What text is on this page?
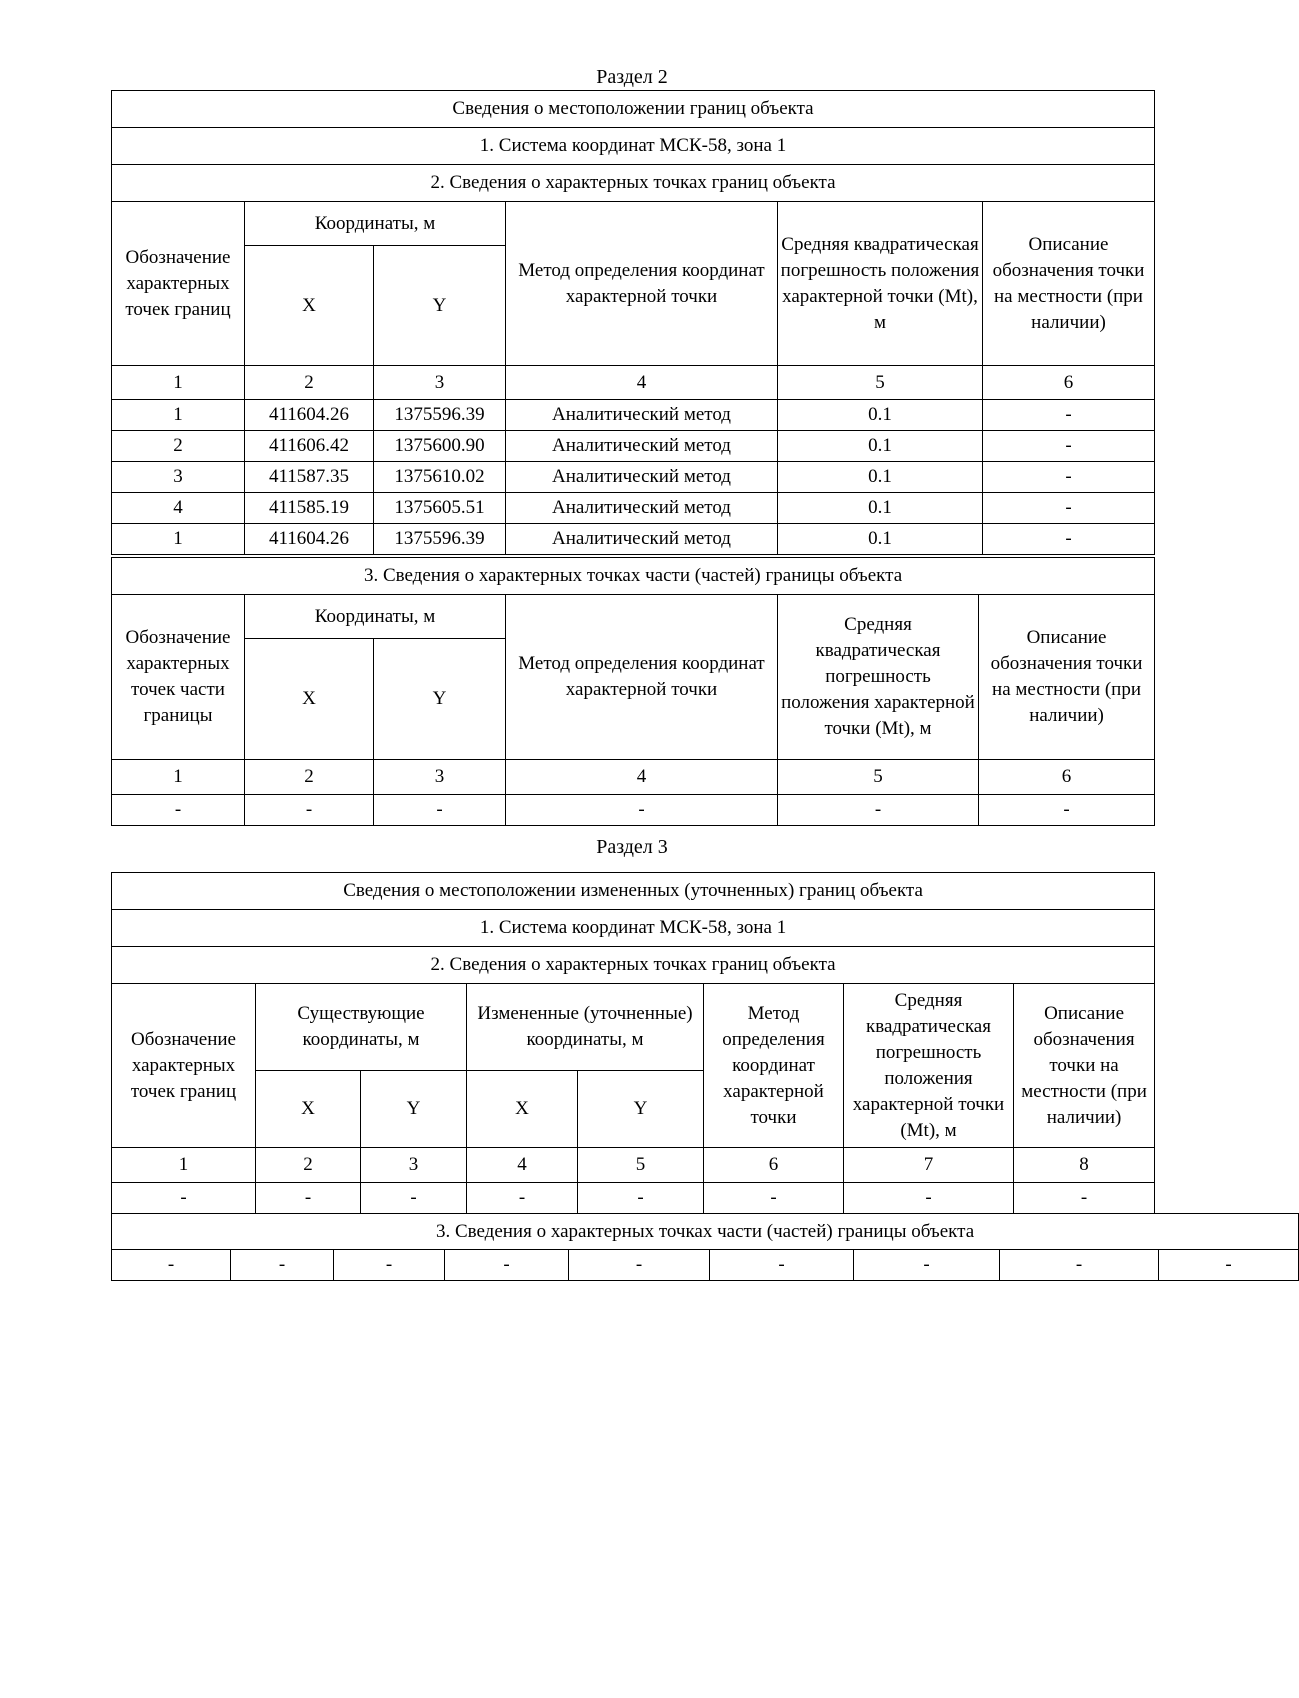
Раздел 2
Сведения о местоположении границ объекта					
1. Система координат МСК-58, зона 1					
2. Сведения о характерных точках границ объекта					
Обозначение характерных точек границ	Координаты, м		Метод определения координат характерной точки	Средняя квадратическая погрешность положения характерной точки (Mt), м	Описание обозначения точки на местности (при наличии)
	X	Y			
1	2	3	4	5	6
1	411604.26	1375596.39	Аналитический метод	0.1	-
2	411606.42	1375600.90	Аналитический метод	0.1	-
3	411587.35	1375610.02	Аналитический метод	0.1	-
4	411585.19	1375605.51	Аналитический метод	0.1	-
1	411604.26	1375596.39	Аналитический метод	0.1	-
3. Сведения о характерных точках части (частей) границы объекта					
Обозначение характерных точек части границы	Координаты, м		Метод определения координат характерной точки	Средняя квадратическая погрешность положения характерной точки (Mt), м	Описание обозначения точки на местности (при наличии)
	X	Y			
1	2	3	4	5	6
-	-	-	-	-	-
Раздел 3
Сведения о местоположении измененных (уточненных) границ объекта							
1. Система координат МСК-58, зона 1							
2. Сведения о характерных точках границ объекта							
Обозначение характерных точек границ	Существующие координаты, м		Измененные (уточненные) координаты, м		Метод определения координат характерной точки	Средняя квадратическая погрешность положения характерной точки (Mt), м	Описание обозначения точки на местности (при наличии)
	X	Y	X	Y			
1	2	3	4	5	6	7	8
-	-	-	-	-	-	-	-
3. Сведения о характерных точках части (частей) границы объекта
-	-	-	-	-	-	-	-	-
